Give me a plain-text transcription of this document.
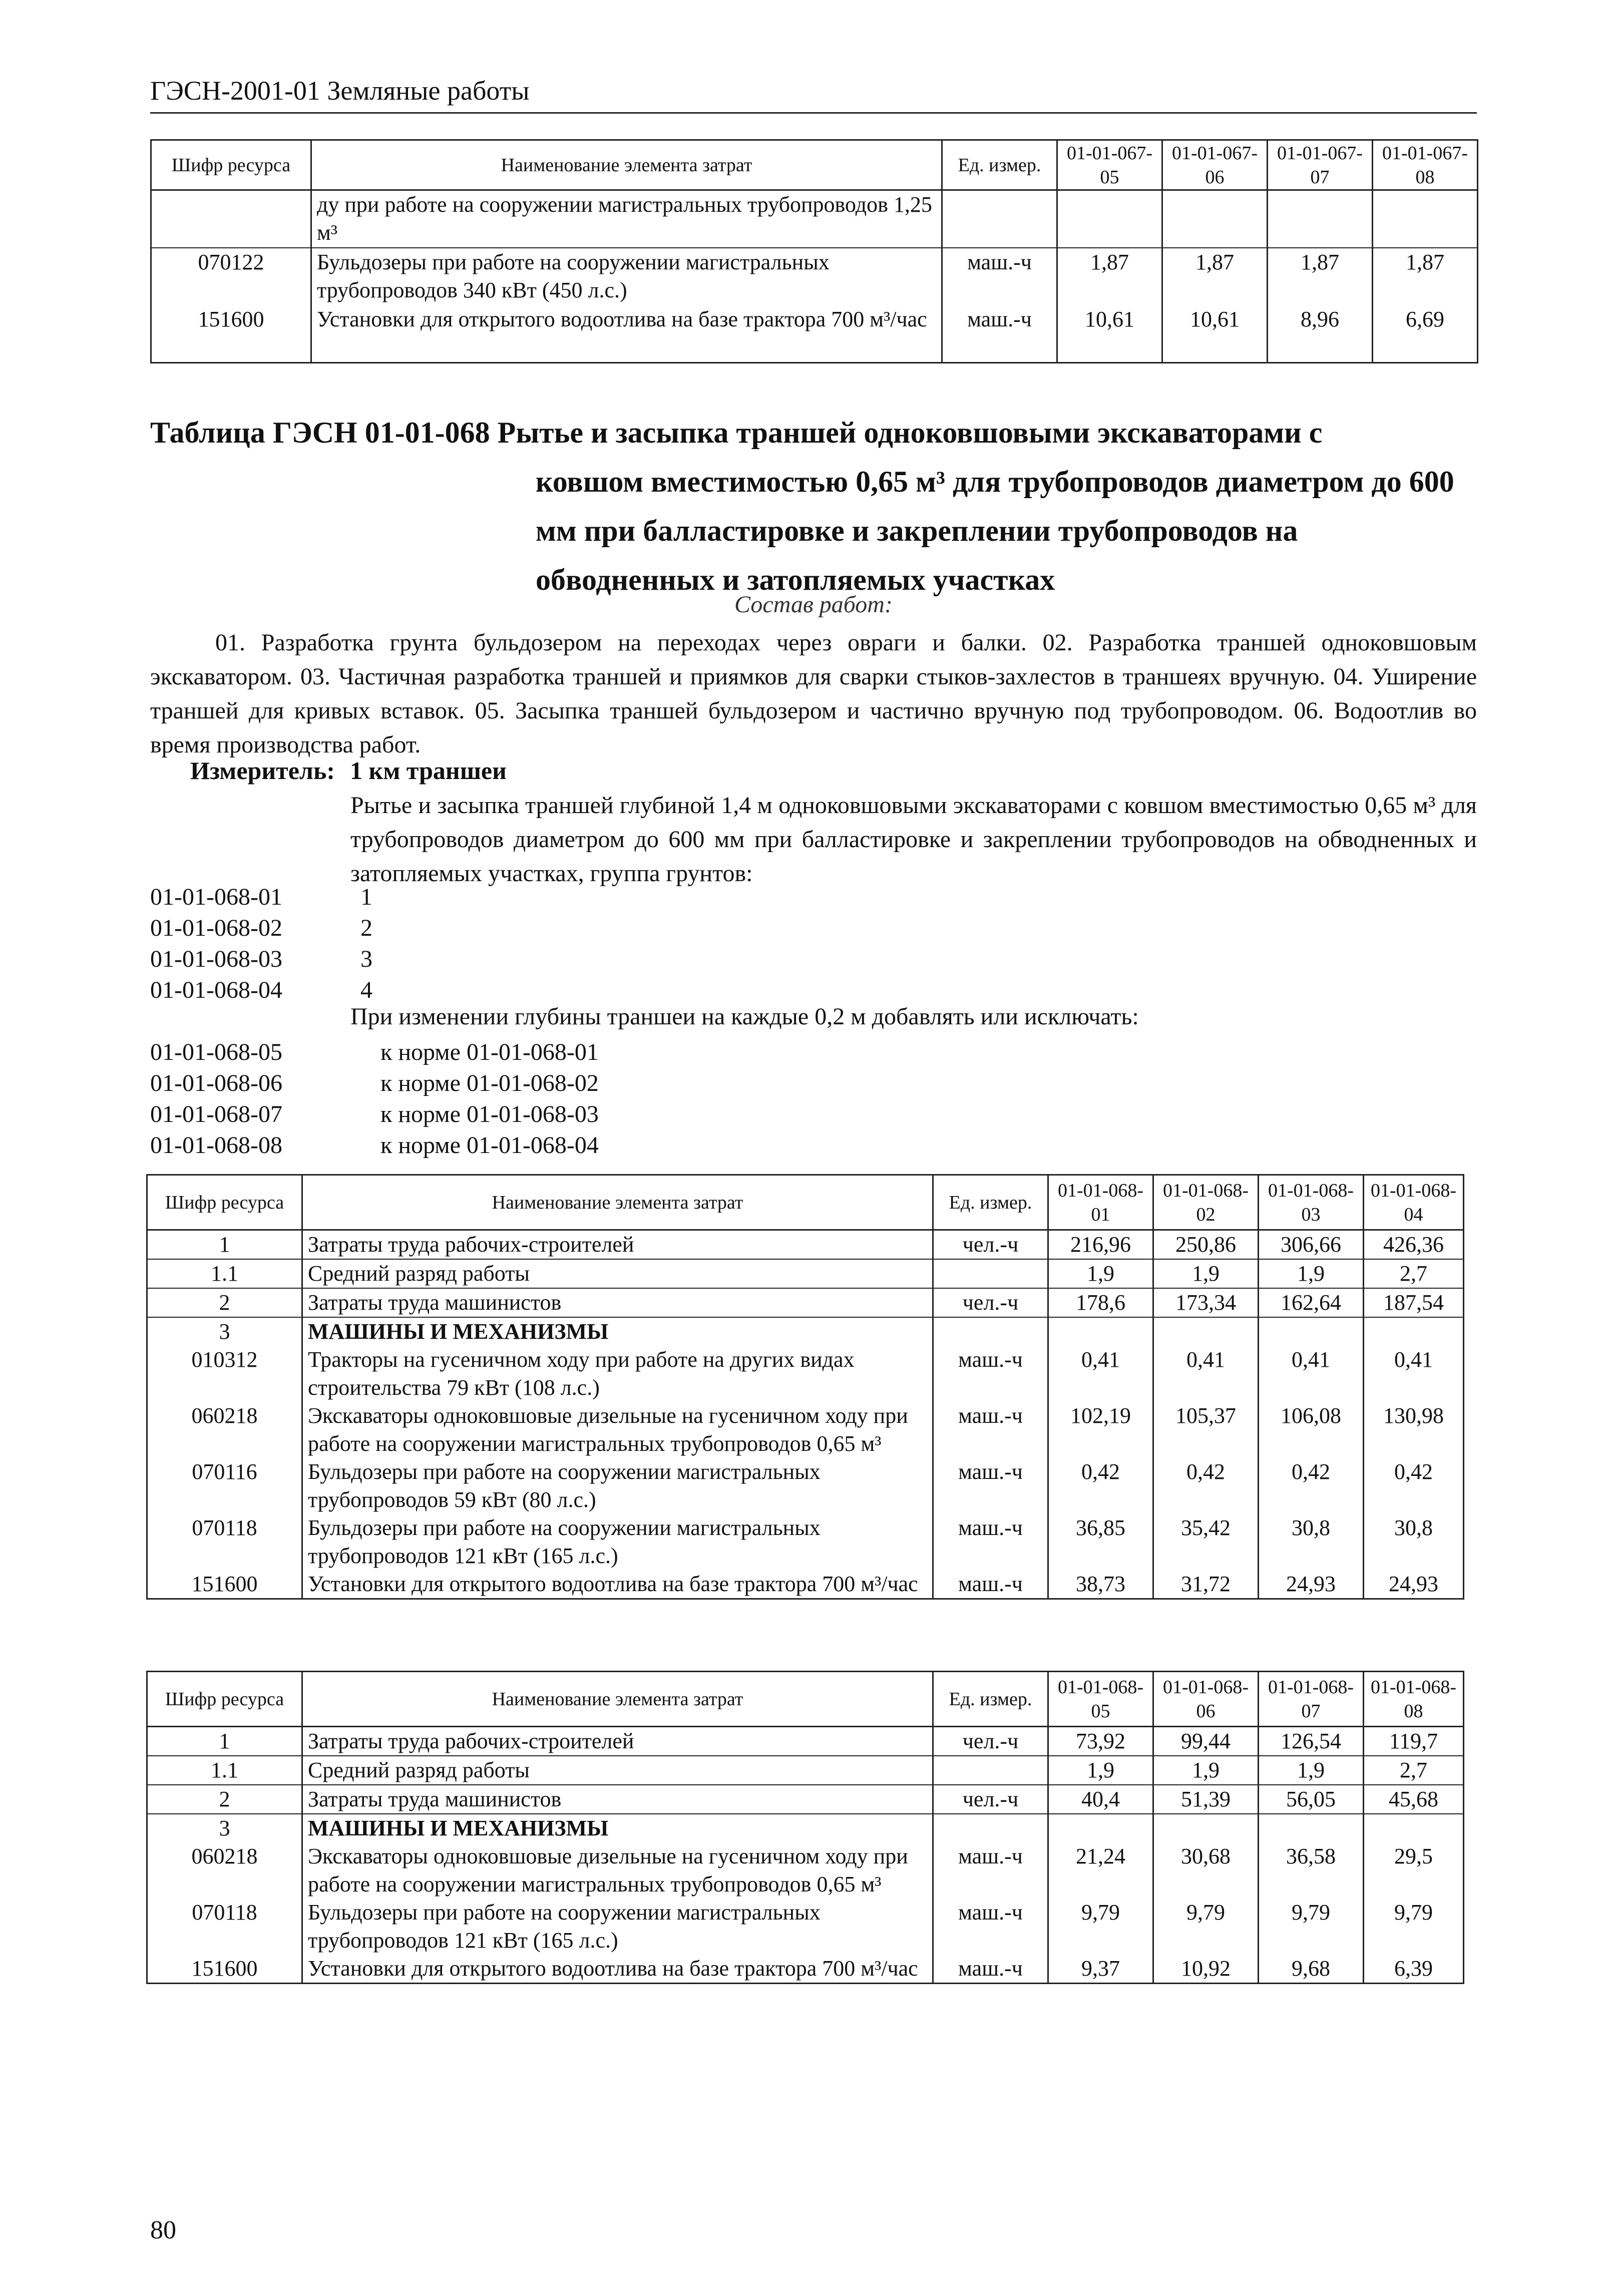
ГЭСН-2001-01 Земляные работы
Шифр ресурса	Наименование элемента затрат	Ед. измер.	01-01-067-05	01-01-067-06	01-01-067-07	01-01-067-08
	ду при работе на сооружении магистральных трубопроводов 1,25 м³					
070122	Бульдозеры при работе на сооружении магистральных трубопроводов 340 кВт (450 л.с.)	маш.-ч	1,87	1,87	1,87	1,87
151600	Установки для открытого водоотлива на базе трактора 700 м³/час	маш.-ч	10,61	10,61	8,96	6,69
Таблица ГЭСН 01-01-068 Рытье и засыпка траншей одноковшовыми экскаваторами с
ковшом вместимостью 0,65 м³ для трубопроводов диаметром до 600 мм при балластировке и закреплении трубопроводов на обводненных и затопляемых участках
Состав работ:
01. Разработка грунта бульдозером на переходах через овраги и балки. 02. Разработка траншей одноковшовым экскаватором. 03. Частичная разработка траншей и приямков для сварки стыков-захлестов в траншеях вручную. 04. Уширение траншей для кривых вставок. 05. Засыпка траншей бульдозером и частично вручную под трубопроводом. 06. Водоотлив во время производства работ.
Измеритель: 1 км траншеи
Рытье и засыпка траншей глубиной 1,4 м одноковшовыми экскаваторами с ковшом вместимостью 0,65 м³ для трубопроводов диаметром до 600 мм при балластировке и закреплении трубопроводов на обводненных и затопляемых участках, группа грунтов:
01-01-068-01	1
01-01-068-02	2
01-01-068-03	3
01-01-068-04	4
При изменении глубины траншеи на каждые 0,2 м добавлять или исключать:
01-01-068-05	к норме 01-01-068-01
01-01-068-06	к норме 01-01-068-02
01-01-068-07	к норме 01-01-068-03
01-01-068-08	к норме 01-01-068-04
Шифр ресурса	Наименование элемента затрат	Ед. измер.	01-01-068-01	01-01-068-02	01-01-068-03	01-01-068-04
1	Затраты труда рабочих-строителей	чел.-ч	216,96	250,86	306,66	426,36
1.1	Средний разряд работы		1,9	1,9	1,9	2,7
2	Затраты труда машинистов	чел.-ч	178,6	173,34	162,64	187,54
3	МАШИНЫ И МЕХАНИЗМЫ					
010312	Тракторы на гусеничном ходу при работе на других видах строительства 79 кВт (108 л.с.)	маш.-ч	0,41	0,41	0,41	0,41
060218	Экскаваторы одноковшовые дизельные на гусеничном ходу при работе на сооружении магистральных трубопроводов 0,65 м³	маш.-ч	102,19	105,37	106,08	130,98
070116	Бульдозеры при работе на сооружении магистральных трубопроводов 59 кВт (80 л.с.)	маш.-ч	0,42	0,42	0,42	0,42
070118	Бульдозеры при работе на сооружении магистральных трубопроводов 121 кВт (165 л.с.)	маш.-ч	36,85	35,42	30,8	30,8
151600	Установки для открытого водоотлива на базе трактора 700 м³/час	маш.-ч	38,73	31,72	24,93	24,93
Шифр ресурса	Наименование элемента затрат	Ед. измер.	01-01-068-05	01-01-068-06	01-01-068-07	01-01-068-08
1	Затраты труда рабочих-строителей	чел.-ч	73,92	99,44	126,54	119,7
1.1	Средний разряд работы		1,9	1,9	1,9	2,7
2	Затраты труда машинистов	чел.-ч	40,4	51,39	56,05	45,68
3	МАШИНЫ И МЕХАНИЗМЫ					
060218	Экскаваторы одноковшовые дизельные на гусеничном ходу при работе на сооружении магистральных трубопроводов 0,65 м³	маш.-ч	21,24	30,68	36,58	29,5
070118	Бульдозеры при работе на сооружении магистральных трубопроводов 121 кВт (165 л.с.)	маш.-ч	9,79	9,79	9,79	9,79
151600	Установки для открытого водоотлива на базе трактора 700 м³/час	маш.-ч	9,37	10,92	9,68	6,39
80
